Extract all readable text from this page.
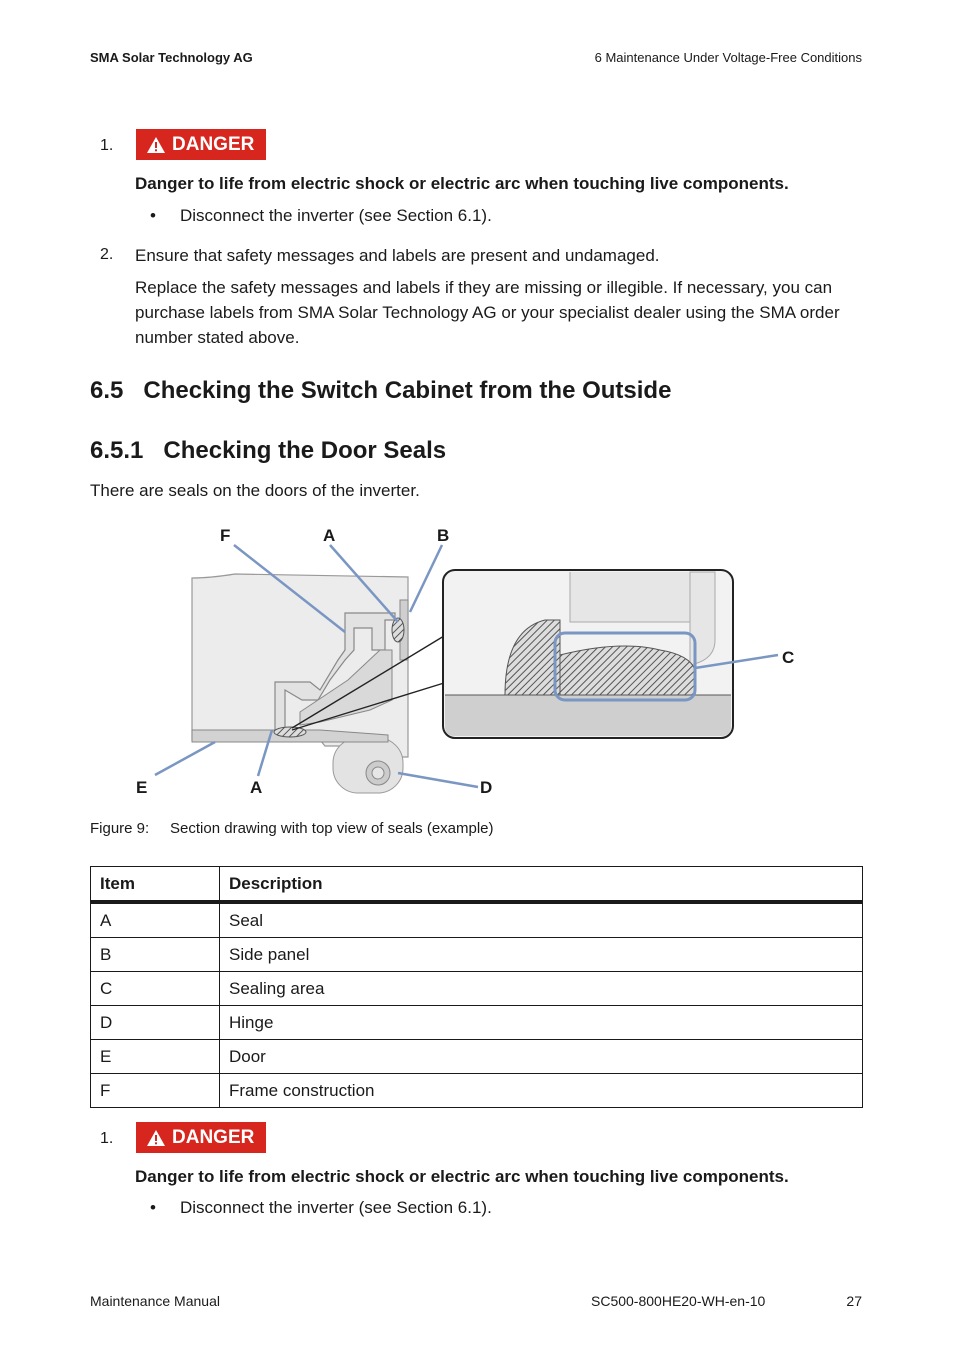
SMA Solar Technology AG	6 Maintenance Under Voltage-Free Conditions
1.	DANGER
Danger to life from electric shock or electric arc when touching live components.
• Disconnect the inverter (see Section 6.1).
2. Ensure that safety messages and labels are present and undamaged.
Replace the safety messages and labels if they are missing or illegible. If necessary, you can
purchase labels from SMA Solar Technology AG or your specialist dealer using the SMA order
number stated above.
6.5   Checking the Switch Cabinet from the Outside
6.5.1   Checking the Door Seals
There are seals on the doors of the inverter.
F	A	B
C
E	A	D
Figure 9:     Section drawing with top view of seals (example)
Item	Description
A	Seal
B	Side panel
C	Sealing area
D	Hinge
E	Door
F	Frame construction
1.	DANGER
Danger to life from electric shock or electric arc when touching live components.
• Disconnect the inverter (see Section 6.1).
Maintenance Manual	SC500-800HE20-WH-en-10	27
